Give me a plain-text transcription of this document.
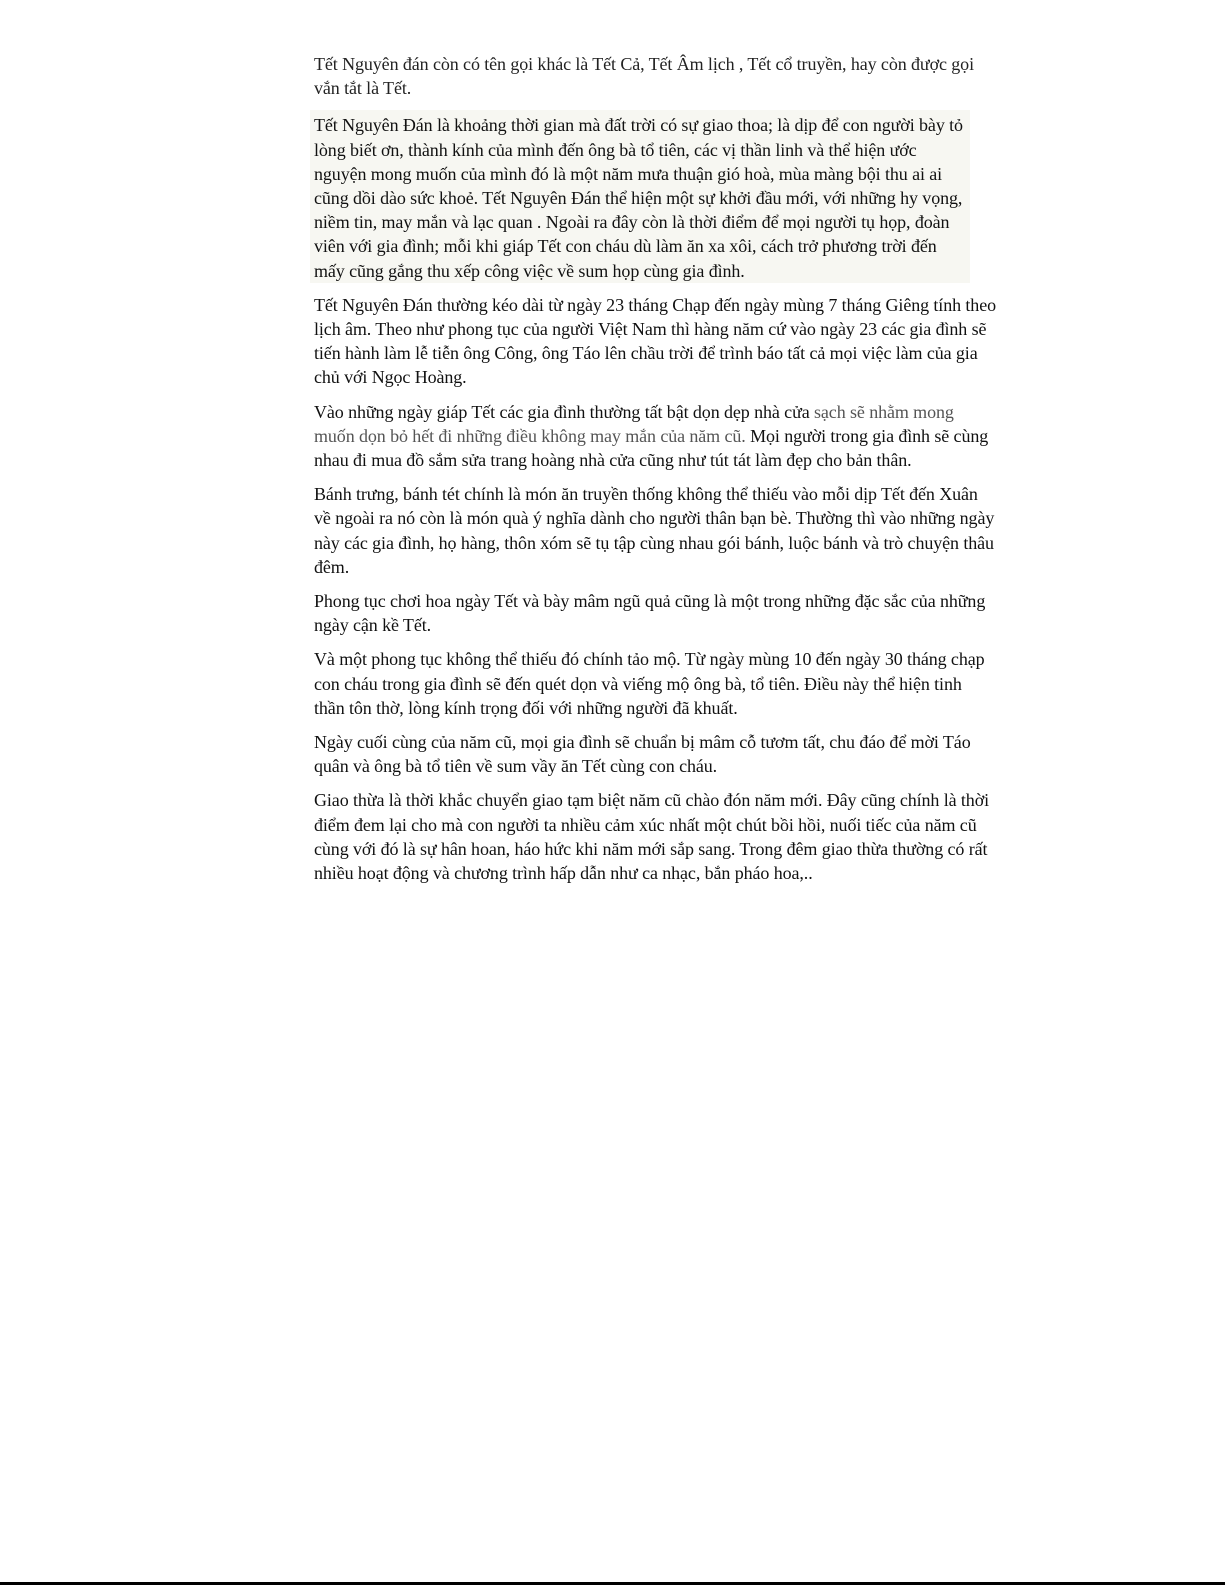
Tết Nguyên đán còn có tên gọi khác là Tết Cả, Tết Âm lịch , Tết cổ truyền, hay còn được gọi vắn tắt là Tết.

Tết Nguyên Đán là khoảng thời gian mà đất trời có sự giao thoa; là dịp để con người bày tỏ lòng biết ơn, thành kính của mình đến ông bà tổ tiên, các vị thần linh và thể hiện ước nguyện mong muốn của mình đó là một năm mưa thuận gió hoà, mùa màng bội thu ai ai cũng dồi dào sức khoẻ. Tết Nguyên Đán thể hiện một sự khởi đầu mới, với những hy vọng, niềm tin, may mắn và lạc quan . Ngoài ra đây còn là thời điểm để mọi người tụ họp, đoàn viên với gia đình; mỗi khi giáp Tết con cháu dù làm ăn xa xôi, cách trở phương trời đến mấy cũng gắng thu xếp công việc về sum họp cùng gia đình.

Tết Nguyên Đán thường kéo dài từ ngày 23 tháng Chạp đến ngày mùng 7 tháng Giêng tính theo lịch âm. Theo như phong tục của người Việt Nam thì hàng năm cứ vào ngày 23 các gia đình sẽ tiến hành làm lễ tiễn ông Công, ông Táo lên chầu trời để trình báo tất cả mọi việc làm của gia chủ với Ngọc Hoàng.

Vào những ngày giáp Tết các gia đình thường tất bật dọn dẹp nhà cửa sạch sẽ nhằm mong muốn dọn bỏ hết đi những điều không may mắn của năm cũ. Mọi người trong gia đình sẽ cùng nhau đi mua đồ sắm sửa trang hoàng nhà cửa cũng như tút tát làm đẹp cho bản thân.

Bánh trưng, bánh tét chính là món ăn truyền thống không thể thiếu vào mỗi dịp Tết đến Xuân về ngoài ra nó còn là món quà ý nghĩa dành cho người thân bạn bè. Thường thì vào những ngày này các gia đình, họ hàng, thôn xóm sẽ tụ tập cùng nhau gói bánh, luộc bánh và trò chuyện thâu đêm.

Phong tục chơi hoa ngày Tết và bày mâm ngũ quả cũng là một trong những đặc sắc của những ngày cận kề Tết.

Và một phong tục không thể thiếu đó chính tảo mộ. Từ ngày mùng 10 đến ngày 30 tháng chạp con cháu trong gia đình sẽ đến quét dọn và viếng mộ ông bà, tổ tiên. Điều này thể hiện tinh thần tôn thờ, lòng kính trọng đối với những người đã khuất.

Ngày cuối cùng của năm cũ, mọi gia đình sẽ chuẩn bị mâm cỗ tươm tất, chu đáo để mời Táo quân và ông bà tổ tiên về sum vầy ăn Tết cùng con cháu.

Giao thừa là thời khắc chuyển giao tạm biệt năm cũ chào đón năm mới. Đây cũng chính là thời điểm đem lại cho mà con người ta nhiều cảm xúc nhất một chút bồi hồi, nuối tiếc của năm cũ cùng với đó là sự hân hoan, háo hức khi năm mới sắp sang. Trong đêm giao thừa thường có rất nhiều hoạt động và chương trình hấp dẫn như ca nhạc, bắn pháo hoa,..
